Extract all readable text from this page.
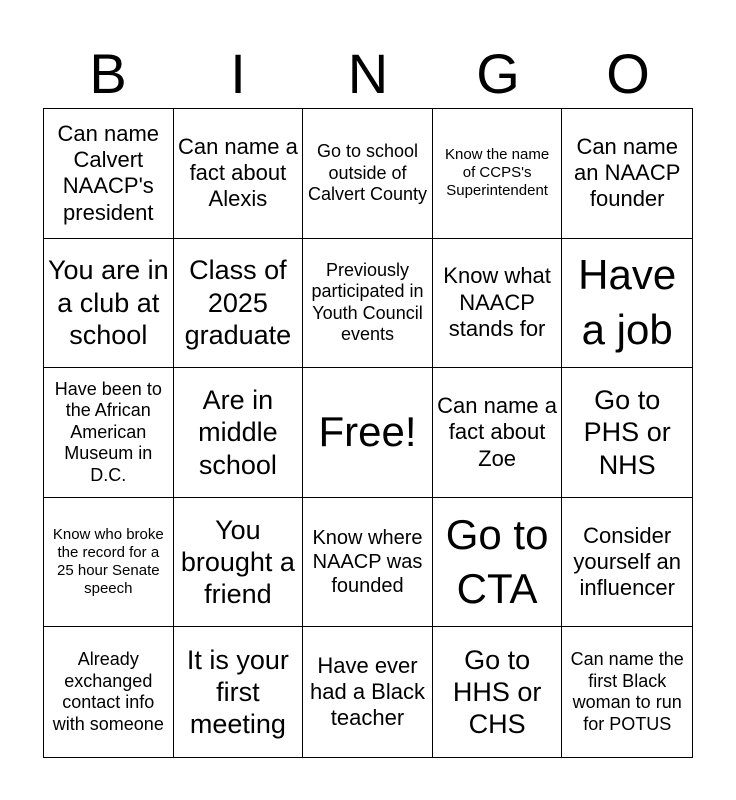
B	I	N	G	O
Can name Calvert NAACP's president
Can name a fact about Alexis
Go to school outside of Calvert County
Know the name of CCPS's Superintendent
Can name an NAACP founder
You are in a club at school
Class of 2025 graduate
Previously participated in Youth Council events
Know what NAACP stands for
Have a job
Have been to the African American Museum in D.C.
Are in middle school
Free!
Can name a fact about Zoe
Go to PHS or NHS
Know who broke the record for a 25 hour Senate speech
You brought a friend
Know where NAACP was founded
Go to CTA
Consider yourself an influencer
Already exchanged contact info with someone
It is your first meeting
Have ever had a Black teacher
Go to HHS or CHS
Can name the first Black woman to run for POTUS
